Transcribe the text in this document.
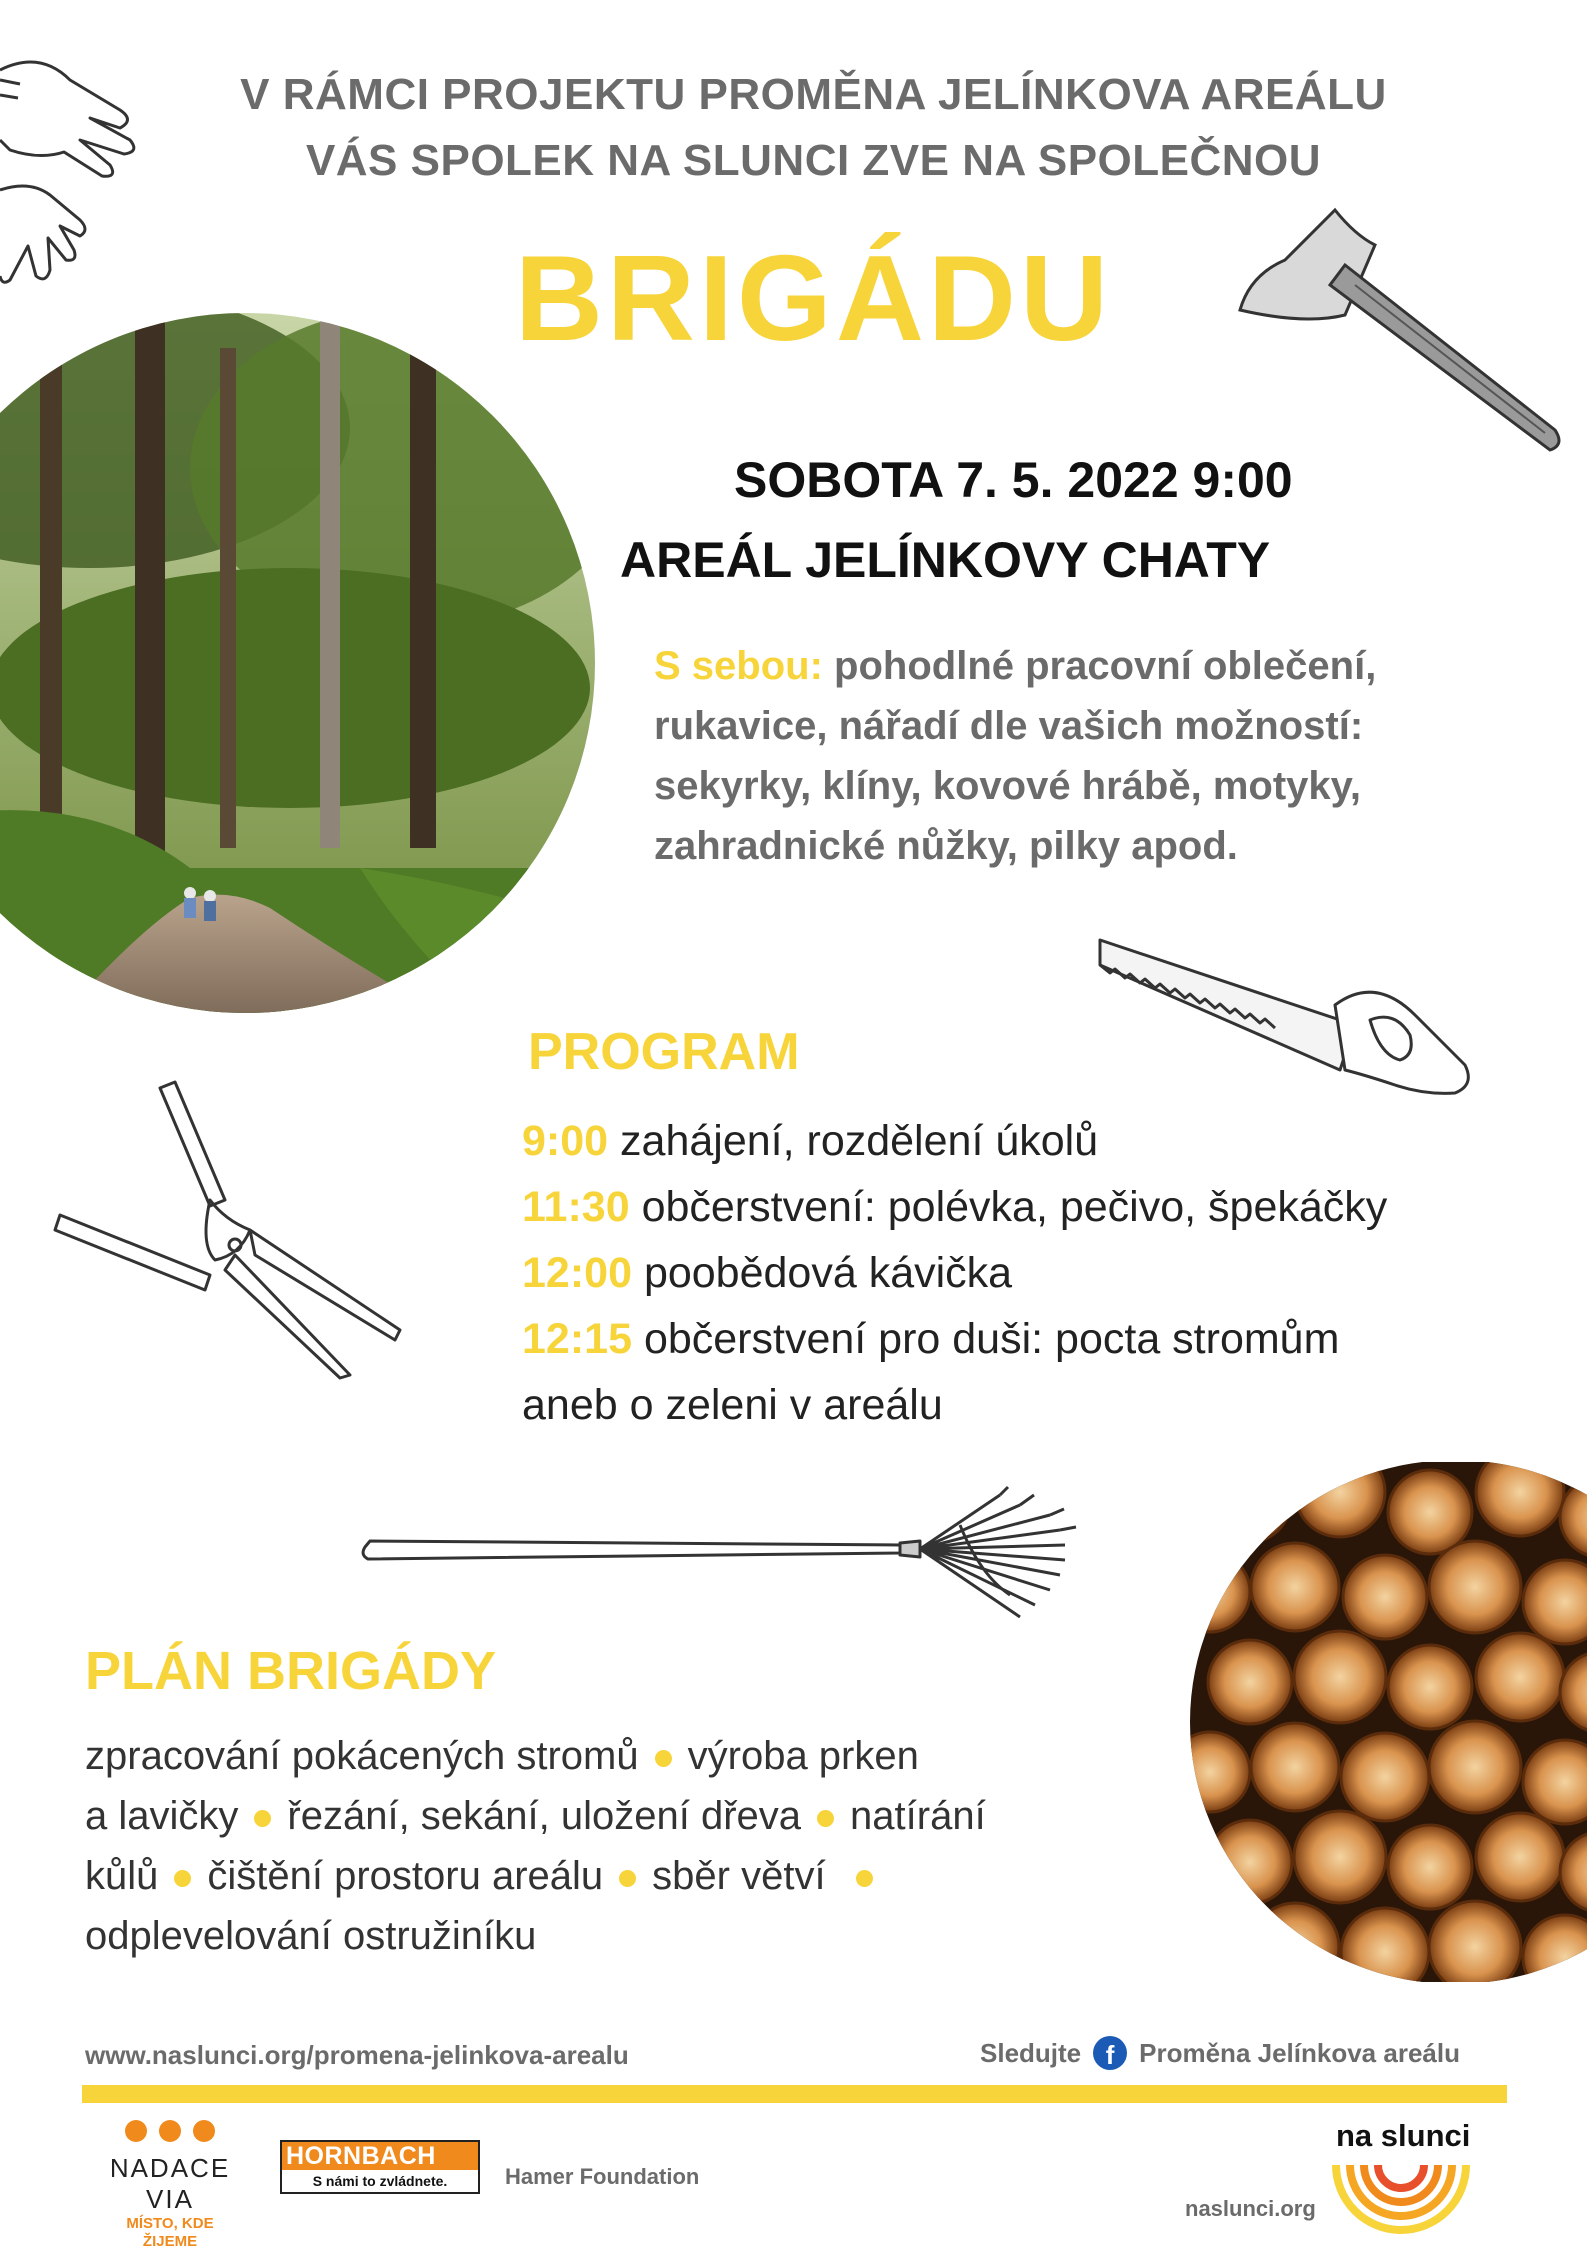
V RÁMCI PROJEKTU PROMĚNA JELÍNKOVA AREÁLU
VÁS SPOLEK NA SLUNCI ZVE NA SPOLEČNOU
BRIGÁDU
SOBOTA 7. 5. 2022 9:00
AREÁL JELÍNKOVY CHATY
S sebou: pohodlné pracovní oblečení,
rukavice, nářadí dle vašich možností:
sekyrky, klíny, kovové hrábě, motyky,
zahradnické nůžky, pilky apod.
PROGRAM
9:00 zahájení, rozdělení úkolů
11:30 občerstvení: polévka, pečivo, špekáčky
12:00 poobědová kávička
12:15 občerstvení pro duši: pocta stromům
aneb o zeleni v areálu
PLÁN BRIGÁDY
zpracování pokácených stromů výroba prken
a lavičky řezání, sekání, uložení dřeva natírání
kůlů čištění prostoru areálu sběr větví
odplevelování ostružiníku
www.naslunci.org/promena-jelinkova-arealu	Sledujte f Proměna Jelínkova areálu
NADACE VIA
MÍSTO, KDE
ŽIJEME
HORNBACH
S námi to zvládnete.	Hamer Foundation
na slunci
naslunci.org
